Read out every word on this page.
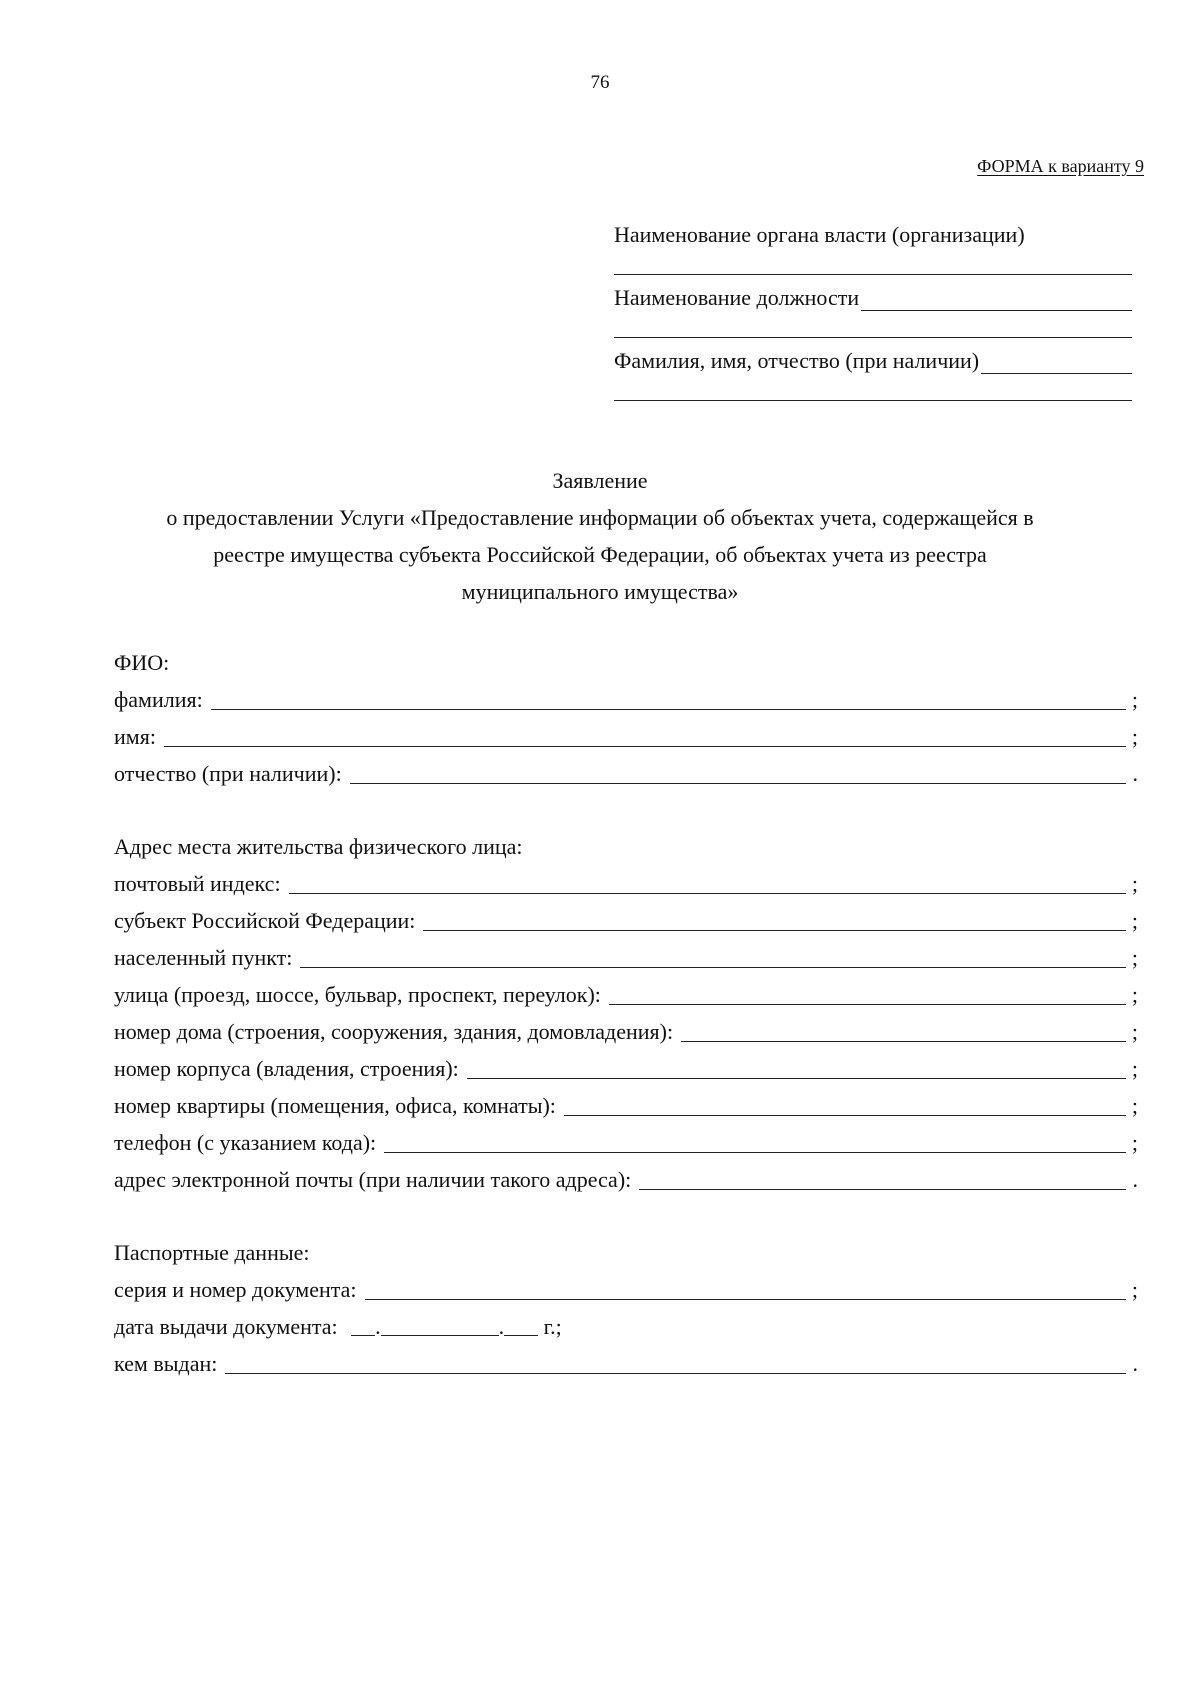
76
ФОРМА к варианту 9
Наименование органа власти (организации)
Наименование должности
Фамилия, имя, отчество (при наличии)
Заявление
о предоставлении Услуги «Предоставление информации об объектах учета, содержащейся в
реестре имущества субъекта Российской Федерации, об объектах учета из реестра
муниципального имущества»
ФИО:
фамилия:	;
имя:	;
отчество (при наличии):	.
Адрес места жительства физического лица:
почтовый индекс:	;
субъект Российской Федерации:	;
населенный пункт:	;
улица (проезд, шоссе, бульвар, проспект, переулок):	;
номер дома (строения, сооружения, здания, домовладения):	;
номер корпуса (владения, строения):	;
номер квартиры (помещения, офиса, комнаты):	;
телефон (с указанием кода):	;
адрес электронной почты (при наличии такого адреса):	.
Паспортные данные:
серия и номер документа:	;
дата выдачи документа: .	. г.;
кем выдан:	.
